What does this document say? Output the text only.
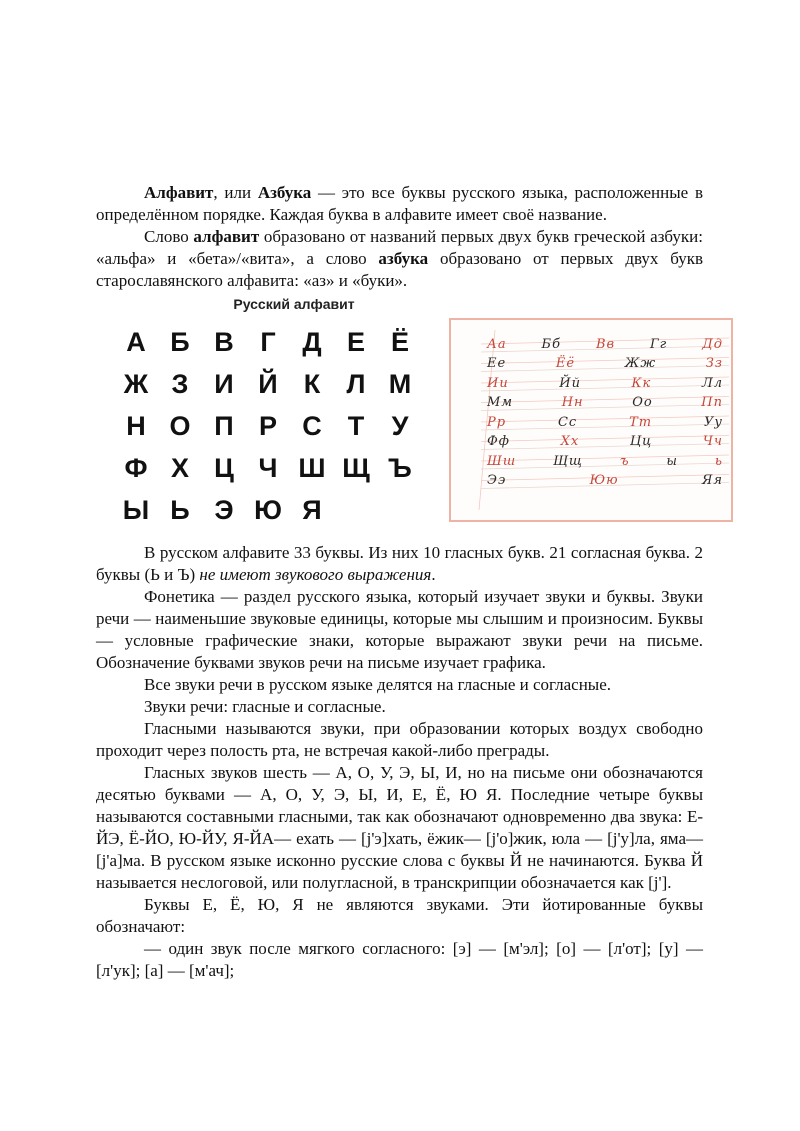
Алфавит, или Азбука — это все буквы русского языка, расположенные в определённом порядке. Каждая буква в алфавите имеет своё название.

Слово алфавит образовано от названий первых двух букв греческой азбуки: «альфа» и «бета»/«вита», а слово азбука образовано от первых двух букв старославянского алфавита: «аз» и «буки».

Русский алфавит
А Б В Г Д Е Ё
Ж З И Й К Л М
Н О П Р С Т	У
Ф Х Ц Ч Ш Щ Ъ
Ы Ь Э Ю Я
Аа	Бб	Вв	Гг	Дд
Ее	Ёё	Жж	Зз
Ии	Йй	Кк	Лл
Мм	Нн	Оо	Пп
Рр	Сс	Тт	Уу
Фф	Хх	Цц	Чч
Шш	Щщ	ъ	ы	ь
Ээ	Юю	Яя

В русском алфавите 33 буквы. Из них 10 гласных букв. 21 согласная буква. 2 буквы (Ь и Ъ) не имеют звукового выражения.

Фонетика — раздел русского языка, который изучает звуки и буквы. Звуки речи — наименьшие звуковые единицы, которые мы слышим и произносим. Буквы — условные графические знаки, которые выражают звуки речи на письме. Обозначение буквами звуков речи на письме изучает графика.

Все звуки речи в русском языке делятся на гласные и согласные.

Звуки речи: гласные и согласные.

Гласными называются звуки, при образовании которых воздух свободно проходит через полость рта, не встречая какой-либо преграды.

Гласных звуков шесть — А, О, У, Э, Ы, И, но на письме они обозначаются десятью буквами — А, О, У, Э, Ы, И, Е, Ё, Ю Я. Последние четыре буквы называются составными гласными, так как обозначают одновременно два звука: Е-ЙЭ, Ё-ЙО, Ю-ЙУ, Я-ЙА— ехать — [j'э]хать, ёжик— [j'о]жик, юла — [j'у]ла, яма—[j'а]ма. В русском языке исконно русские слова с буквы Й не начинаются. Буква Й называется неслоговой, или полугласной, в транскрипции обозначается как [j'].

Буквы Е, Ё, Ю, Я не являются звуками. Эти йотированные буквы обозначают:

— один звук после мягкого согласного: [э] — [м'эл]; [о] — [л'от]; [у] — [л'ук]; [а] — [м'ач];
